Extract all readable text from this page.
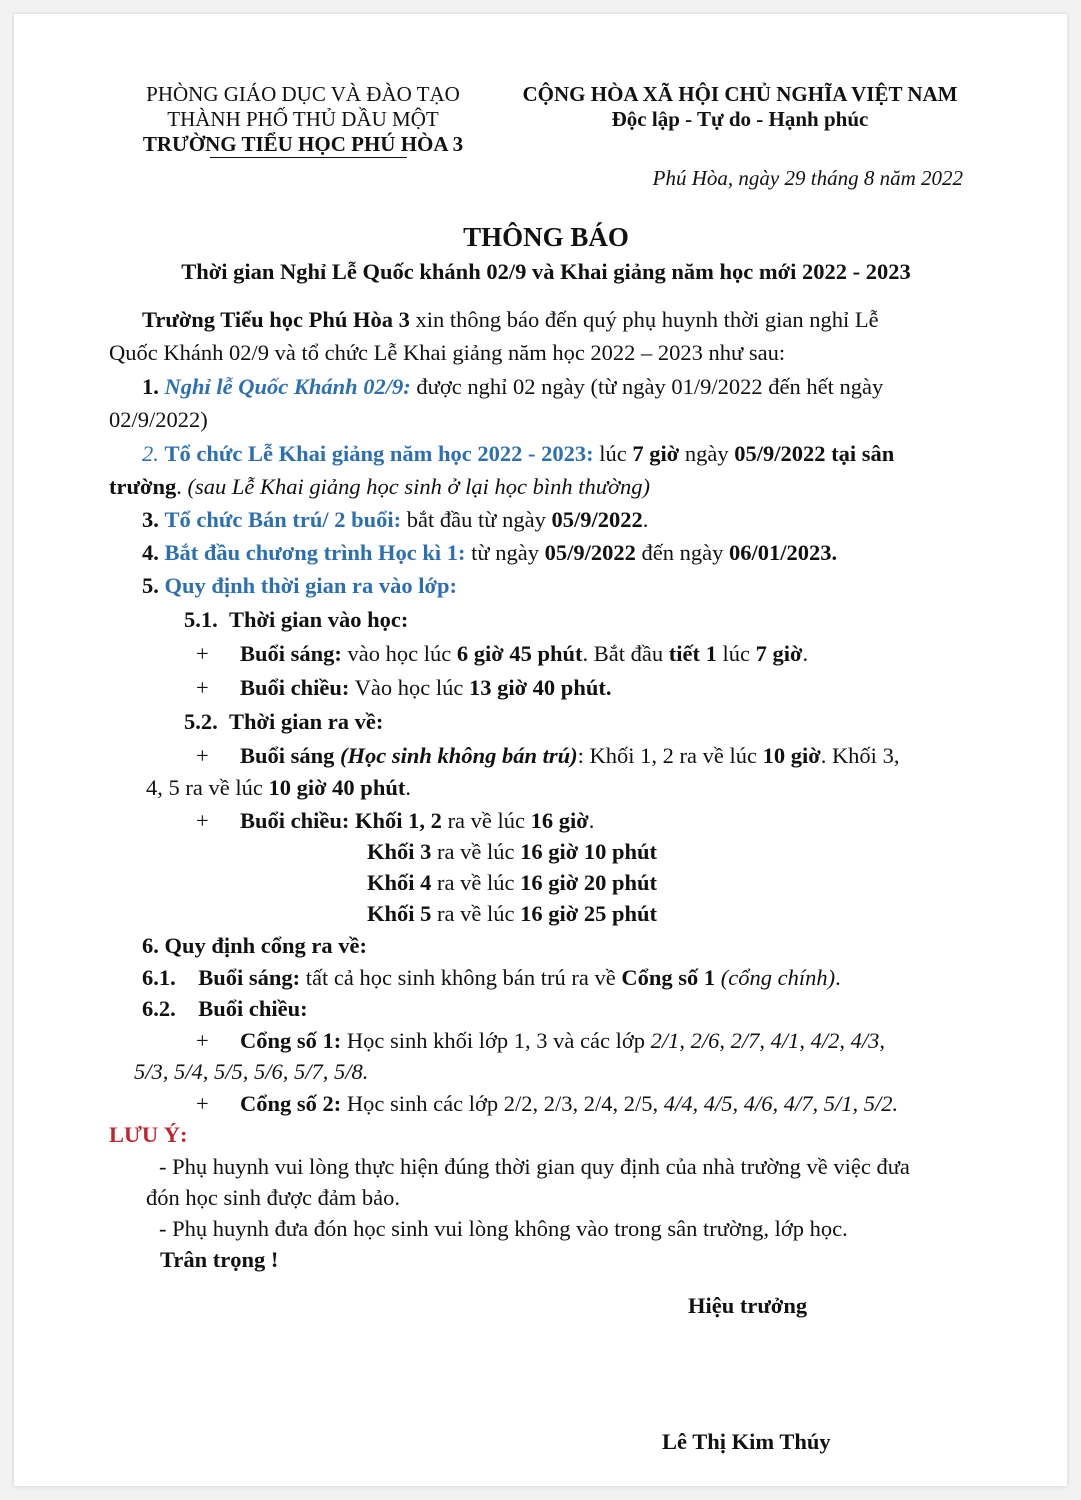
PHÒNG GIÁO DỤC VÀ ĐÀO TẠO
THÀNH PHỐ THỦ DẦU MỘT
TRƯỜNG TIỂU HỌC PHÚ HÒA 3
CỘNG HÒA XÃ HỘI CHỦ NGHĨA VIỆT NAM
Độc lập - Tự do - Hạnh phúc
Phú Hòa, ngày 29 tháng 8 năm 2022
THÔNG BÁO
Thời gian Nghỉ Lễ Quốc khánh 02/9 và Khai giảng năm học mới 2022 - 2023
Trường Tiểu học Phú Hòa 3 xin thông báo đến quý phụ huynh thời gian nghỉ Lễ
Quốc Khánh 02/9 và tổ chức Lễ Khai giảng năm học 2022 – 2023 như sau:
1. Nghỉ lễ Quốc Khánh 02/9: được nghỉ 02 ngày (từ ngày 01/9/2022 đến hết ngày
02/9/2022)
2. Tổ chức Lễ Khai giảng năm học 2022 - 2023: lúc 7 giờ ngày 05/9/2022 tại sân
trường. (sau Lễ Khai giảng học sinh ở lại học bình thường)
3. Tổ chức Bán trú/ 2 buổi: bắt đầu từ ngày 05/9/2022.
4. Bắt đầu chương trình Học kì 1: từ ngày 05/9/2022 đến ngày 06/01/2023.
5. Quy định thời gian ra vào lớp:
5.1. Thời gian vào học:
+ Buổi sáng: vào học lúc 6 giờ 45 phút. Bắt đầu tiết 1 lúc 7 giờ.
+ Buổi chiều: Vào học lúc 13 giờ 40 phút.
5.2. Thời gian ra về:
+ Buổi sáng (Học sinh không bán trú): Khối 1, 2 ra về lúc 10 giờ. Khối 3,
4, 5 ra về lúc 10 giờ 40 phút.
+ Buổi chiều: Khối 1, 2 ra về lúc 16 giờ.
Khối 3 ra về lúc 16 giờ 10 phút
Khối 4 ra về lúc 16 giờ 20 phút
Khối 5 ra về lúc 16 giờ 25 phút
6. Quy định cổng ra về:
6.1. Buổi sáng: tất cả học sinh không bán trú ra về Cổng số 1 (cổng chính).
6.2. Buổi chiều:
+ Cổng số 1: Học sinh khối lớp 1, 3 và các lớp 2/1, 2/6, 2/7, 4/1, 4/2, 4/3,
5/3, 5/4, 5/5, 5/6, 5/7, 5/8.
+ Cổng số 2: Học sinh các lớp 2/2, 2/3, 2/4, 2/5, 4/4, 4/5, 4/6, 4/7, 5/1, 5/2.
LƯU Ý:
- Phụ huynh vui lòng thực hiện đúng thời gian quy định của nhà trường về việc đưa
đón học sinh được đảm bảo.
- Phụ huynh đưa đón học sinh vui lòng không vào trong sân trường, lớp học.
Trân trọng !
Hiệu trưởng
Lê Thị Kim Thúy
